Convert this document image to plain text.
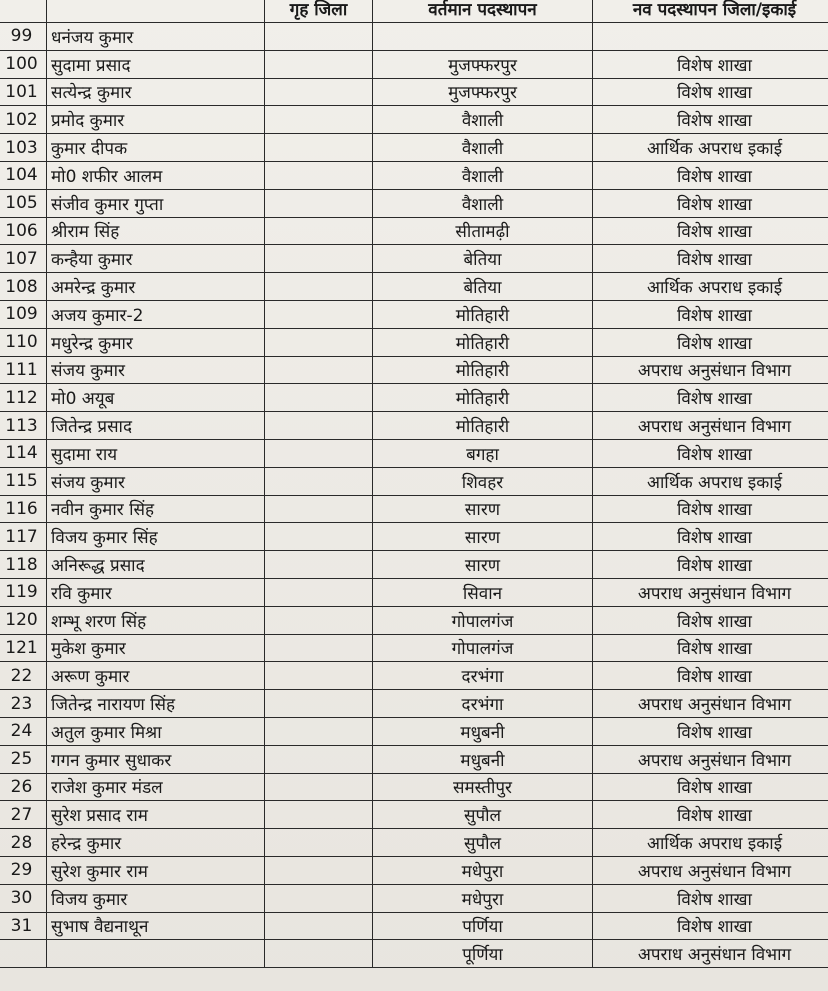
		गृह जिला	वर्तमान पदस्थापन	नव पदस्थापन जिला/इकाई
99	धनंजय कुमार			
100	सुदामा प्रसाद		मुजफ्फरपुर	विशेष शाखा
101	सत्येन्द्र कुमार		मुजफ्फरपुर	विशेष शाखा
102	प्रमोद कुमार		वैशाली	विशेष शाखा
103	कुमार दीपक		वैशाली	आर्थिक अपराध इकाई
104	मो0 शफीर आलम		वैशाली	विशेष शाखा
105	संजीव कुमार गुप्ता		वैशाली	विशेष शाखा
106	श्रीराम सिंह		सीतामढ़ी	विशेष शाखा
107	कन्हैया कुमार		बेतिया	विशेष शाखा
108	अमरेन्द्र कुमार		बेतिया	आर्थिक अपराध इकाई
109	अजय कुमार-2		मोतिहारी	विशेष शाखा
110	मधुरेन्द्र कुमार		मोतिहारी	विशेष शाखा
111	संजय कुमार		मोतिहारी	अपराध अनुसंधान विभाग
112	मो0 अयूब		मोतिहारी	विशेष शाखा
113	जितेन्द्र प्रसाद		मोतिहारी	अपराध अनुसंधान विभाग
114	सुदामा राय		बगहा	विशेष शाखा
115	संजय कुमार		शिवहर	आर्थिक अपराध इकाई
116	नवीन कुमार सिंह		सारण	विशेष शाखा
117	विजय कुमार सिंह		सारण	विशेष शाखा
118	अनिरूद्ध प्रसाद		सारण	विशेष शाखा
119	रवि कुमार		सिवान	अपराध अनुसंधान विभाग
120	शम्भू शरण सिंह		गोपालगंज	विशेष शाखा
121	मुकेश कुमार		गोपालगंज	विशेष शाखा
22	अरूण कुमार		दरभंगा	विशेष शाखा
23	जितेन्द्र नारायण सिंह		दरभंगा	अपराध अनुसंधान विभाग
24	अतुल कुमार मिश्रा		मधुबनी	विशेष शाखा
25	गगन कुमार सुधाकर		मधुबनी	अपराध अनुसंधान विभाग
26	राजेश कुमार मंडल		समस्तीपुर	विशेष शाखा
27	सुरेश प्रसाद राम		सुपौल	विशेष शाखा
28	हरेन्द्र कुमार		सुपौल	आर्थिक अपराध इकाई
29	सुरेश कुमार राम		मधेपुरा	अपराध अनुसंधान विभाग
30	विजय कुमार		मधेपुरा	विशेष शाखा
31	सुभाष वैद्यनाथून		पर्णिया	विशेष शाखा
			पूर्णिया	अपराध अनुसंधान विभाग
